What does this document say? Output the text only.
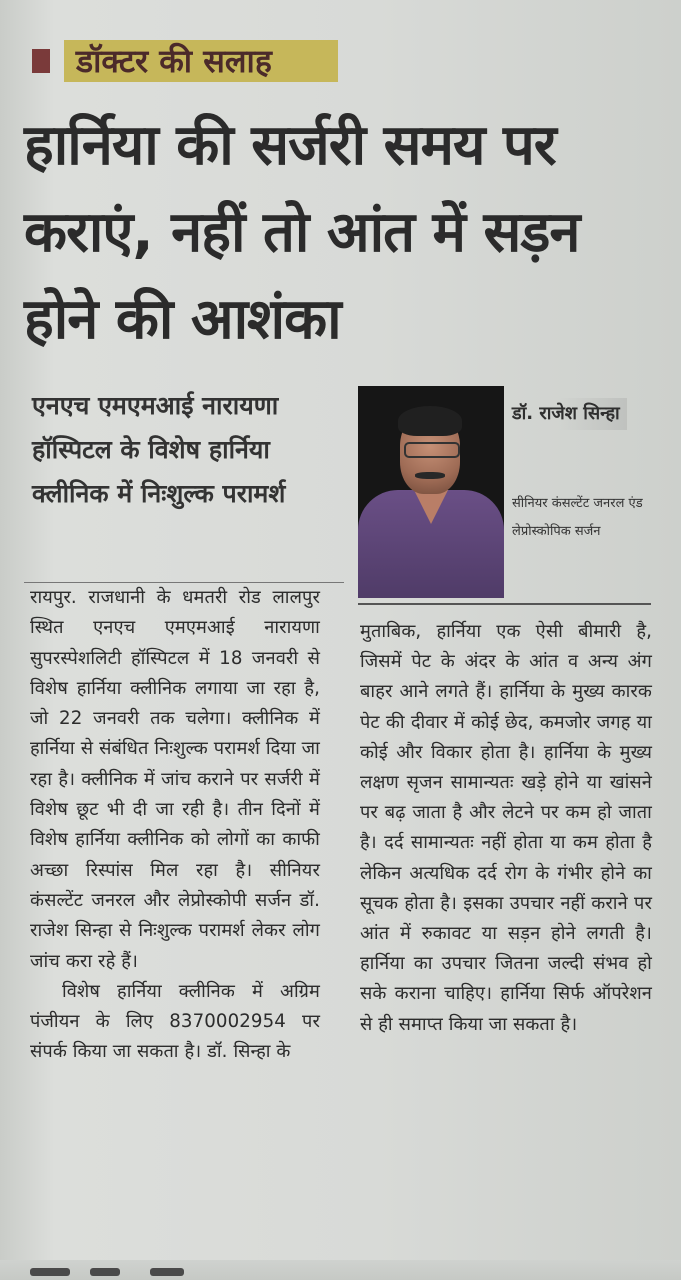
डॉक्टर की सलाह
हार्निया की सर्जरी समय पर कराएं, नहीं तो आंत में सड़न होने की आशंका
एनएच एमएमआई नारायणा हॉस्पिटल के विशेष हार्निया क्लीनिक में निःशुल्क परामर्श
डॉ. राजेश सिन्हा
सीनियर कंसल्टेंट जनरल एंड लेप्रोस्कोपिक सर्जन

रायपुर. राजधानी के धमतरी रोड लालपुर स्थित एनएच एमएमआई नारायणा सुपरस्पेशलिटी हॉस्पिटल में 18 जनवरी से विशेष हार्निया क्लीनिक लगाया जा रहा है, जो 22 जनवरी तक चलेगा। क्लीनिक में हार्निया से संबंधित निःशुल्क परामर्श दिया जा रहा है। क्लीनिक में जांच कराने पर सर्जरी में विशेष छूट भी दी जा रही है। तीन दिनों में विशेष हार्निया क्लीनिक को लोगों का काफी अच्छा रिस्पांस मिल रहा है। सीनियर कंसल्टेंट जनरल और लेप्रोस्कोपी सर्जन डॉ. राजेश सिन्हा से निःशुल्क परामर्श लेकर लोग जांच करा रहे हैं।

विशेष हार्निया क्लीनिक में अग्रिम पंजीयन के लिए 8370002954 पर संपर्क किया जा सकता है। डॉ. सिन्हा के

मुताबिक, हार्निया एक ऐसी बीमारी है, जिसमें पेट के अंदर के आंत व अन्य अंग बाहर आने लगते हैं। हार्निया के मुख्य कारक पेट की दीवार में कोई छेद, कमजोर जगह या कोई और विकार होता है। हार्निया के मुख्य लक्षण सृजन सामान्यतः खड़े होने या खांसने पर बढ़ जाता है और लेटने पर कम हो जाता है। दर्द सामान्यतः नहीं होता या कम होता है लेकिन अत्यधिक दर्द रोग के गंभीर होने का सूचक होता है। इसका उपचार नहीं कराने पर आंत में रुकावट या सड़न होने लगती है। हार्निया का उपचार जितना जल्दी संभव हो सके कराना चाहिए। हार्निया सिर्फ ऑपरेशन से ही समाप्त किया जा सकता है।
